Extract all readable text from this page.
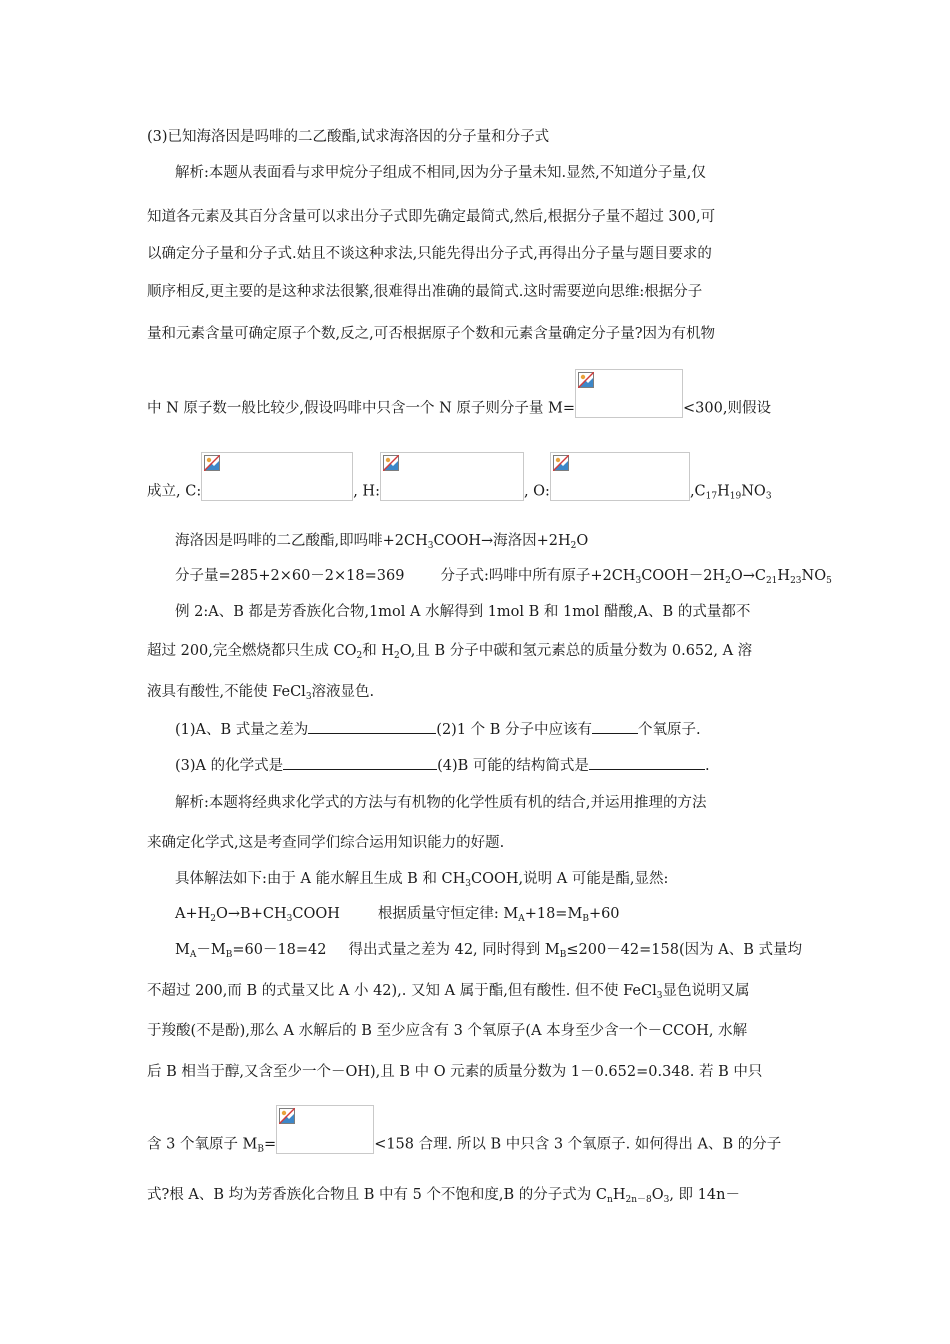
(3)已知海洛因是吗啡的二乙酸酯,试求海洛因的分子量和分子式
解析:本题从表面看与求甲烷分子组成不相同,因为分子量未知.显然,不知道分子量,仅
知道各元素及其百分含量可以求出分子式即先确定最简式,然后,根据分子量不超过 300,可
以确定分子量和分子式.姑且不谈这种求法,只能先得出分子式,再得出分子量与题目要求的
顺序相反,更主要的是这种求法很繁,很难得出准确的最简式.这时需要逆向思维:根据分子
量和元素含量可确定原子个数,反之,可否根据原子个数和元素含量确定分子量?因为有机物
中 N 原子数一般比较少,假设吗啡中只含一个 N 原子则分子量 M=	<300,则假设
成立, C:	, H:	, O:	$,C_{17}H_{19}NO_3$
海洛因是吗啡的二乙酸酯,即吗啡$+2CH_3COOH\to$海洛因$+2H_2O$
分子量=285+2×60－2×18=369 分子式:吗啡中所有原子$+2CH_3COOH-2H_2O\to C_{21}H_{23}NO_5$
例 2:A、B 都是芳香族化合物,1mol A 水解得到 1mol B 和 1mol 醋酸,A、B 的式量都不
超过 200,完全燃烧都只生成 $CO_2$和 $H_2O$,且 B 分子中碳和氢元素总的质量分数为 0.652, A 溶
液具有酸性,不能使 FeCl$_3$溶液显色.
(1)A、B 式量之差为	(2)1 个 B 分子中应该有	个氧原子.
(3)A 的化学式是	(4)B 可能的结构简式是	.
解析:本题将经典求化学式的方法与有机物的化学性质有机的结合,并运用推理的方法
来确定化学式,这是考查同学们综合运用知识能力的好题.
具体解法如下:由于 A 能水解且生成 B 和 $CH_3COOH$,说明 A 可能是酯,显然:
$A+H_2O\to B+CH_3COOH$	根据质量守恒定律: $M_A+18=M_B+60$
$M_A-M_B=60-18=42$ 得出式量之差为 42, 同时得到 $M_B\le 200-42=158$(因为 A、B 式量均
不超过 200,而 B 的式量又比 A 小 42),. 又知 A 属于酯,但有酸性. 但不使 FeCl$_3$显色说明又属
于羧酸(不是酚),那么 A 水解后的 B 至少应含有 3 个氧原子(A 本身至少含一个－CCOH, 水解
后 B 相当于醇,又含至少一个－OH),且 B 中 O 元素的质量分数为 1－0.652=0.348. 若 B 中只
含 3 个氧原子 $M_B=$	<158 合理. 所以 B 中只含 3 个氧原子. 如何得出 A、B 的分子
式?根 A、B 均为芳香族化合物且 B 中有 5 个不饱和度,B 的分子式为 $C_nH_{2n-8}O_3$, 即 14n－
